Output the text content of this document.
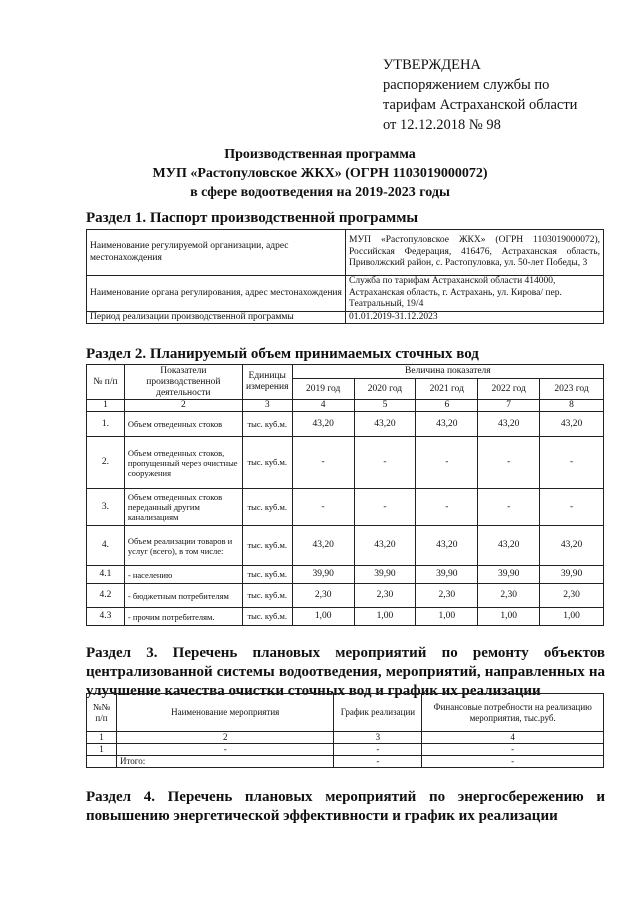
УТВЕРЖДЕНА
распоряжением службы по
тарифам Астраханской области
от 12.12.2018 № 98
Производственная программа
МУП «Растопуловское ЖКХ» (ОГРН 1103019000072)
в сфере водоотведения на 2019-2023 годы
Раздел 1. Паспорт производственной программы
Наименование регулируемой организации, адрес местонахождения	МУП «Растопуловское ЖКХ» (ОГРН 1103019000072), Российская Федерация, 416476, Астраханская область, Приволжский район, с. Растопуловка, ул. 50-лет Победы, 3
Наименование органа регулирования, адрес местонахождения	Служба по тарифам Астраханской области 414000, Астраханская область, г. Астрахань, ул. Кирова/ пер. Театральный, 19/4
Период реализации производственной программы	01.01.2019-31.12.2023
Раздел 2. Планируемый объем принимаемых сточных вод
№ п/п	Показатели производственной деятельности	Единицы измерения	Величина показателя				
			2019 год	2020 год	2021 год	2022 год	2023 год
1	2	3	4	5	6	7	8
1.	Объем отведенных стоков	тыс. куб.м.	43,20	43,20	43,20	43,20	43,20
2.	Объем отведенных стоков, пропущенный через очистные сооружения	тыс. куб.м.	-	-	-	-	-
3.	Объем отведенных стоков переданный другим канализациям	тыс. куб.м.	-	-	-	-	-
4.	Объем реализации товаров и услуг (всего), в том числе:	тыс. куб.м.	43,20	43,20	43,20	43,20	43,20
4.1	- населению	тыс. куб.м.	39,90	39,90	39,90	39,90	39,90
4.2	- бюджетным потребителям	тыс. куб.м.	2,30	2,30	2,30	2,30	2,30
4.3	- прочим потребителям.	тыс. куб.м.	1,00	1,00	1,00	1,00	1,00
Раздел 3. Перечень плановых мероприятий по ремонту объектов централизованной системы водоотведения, мероприятий, направленных на улучшение качества очистки сточных вод и график их реализации
№№ п/п	Наименование мероприятия	График реализации	Финансовые потребности на реализацию мероприятия, тыс.руб.
1	2	3	4
1	-	-	-
	Итого:	-	-
Раздел 4. Перечень плановых мероприятий по энергосбережению и повышению энергетической эффективности и график их реализации
